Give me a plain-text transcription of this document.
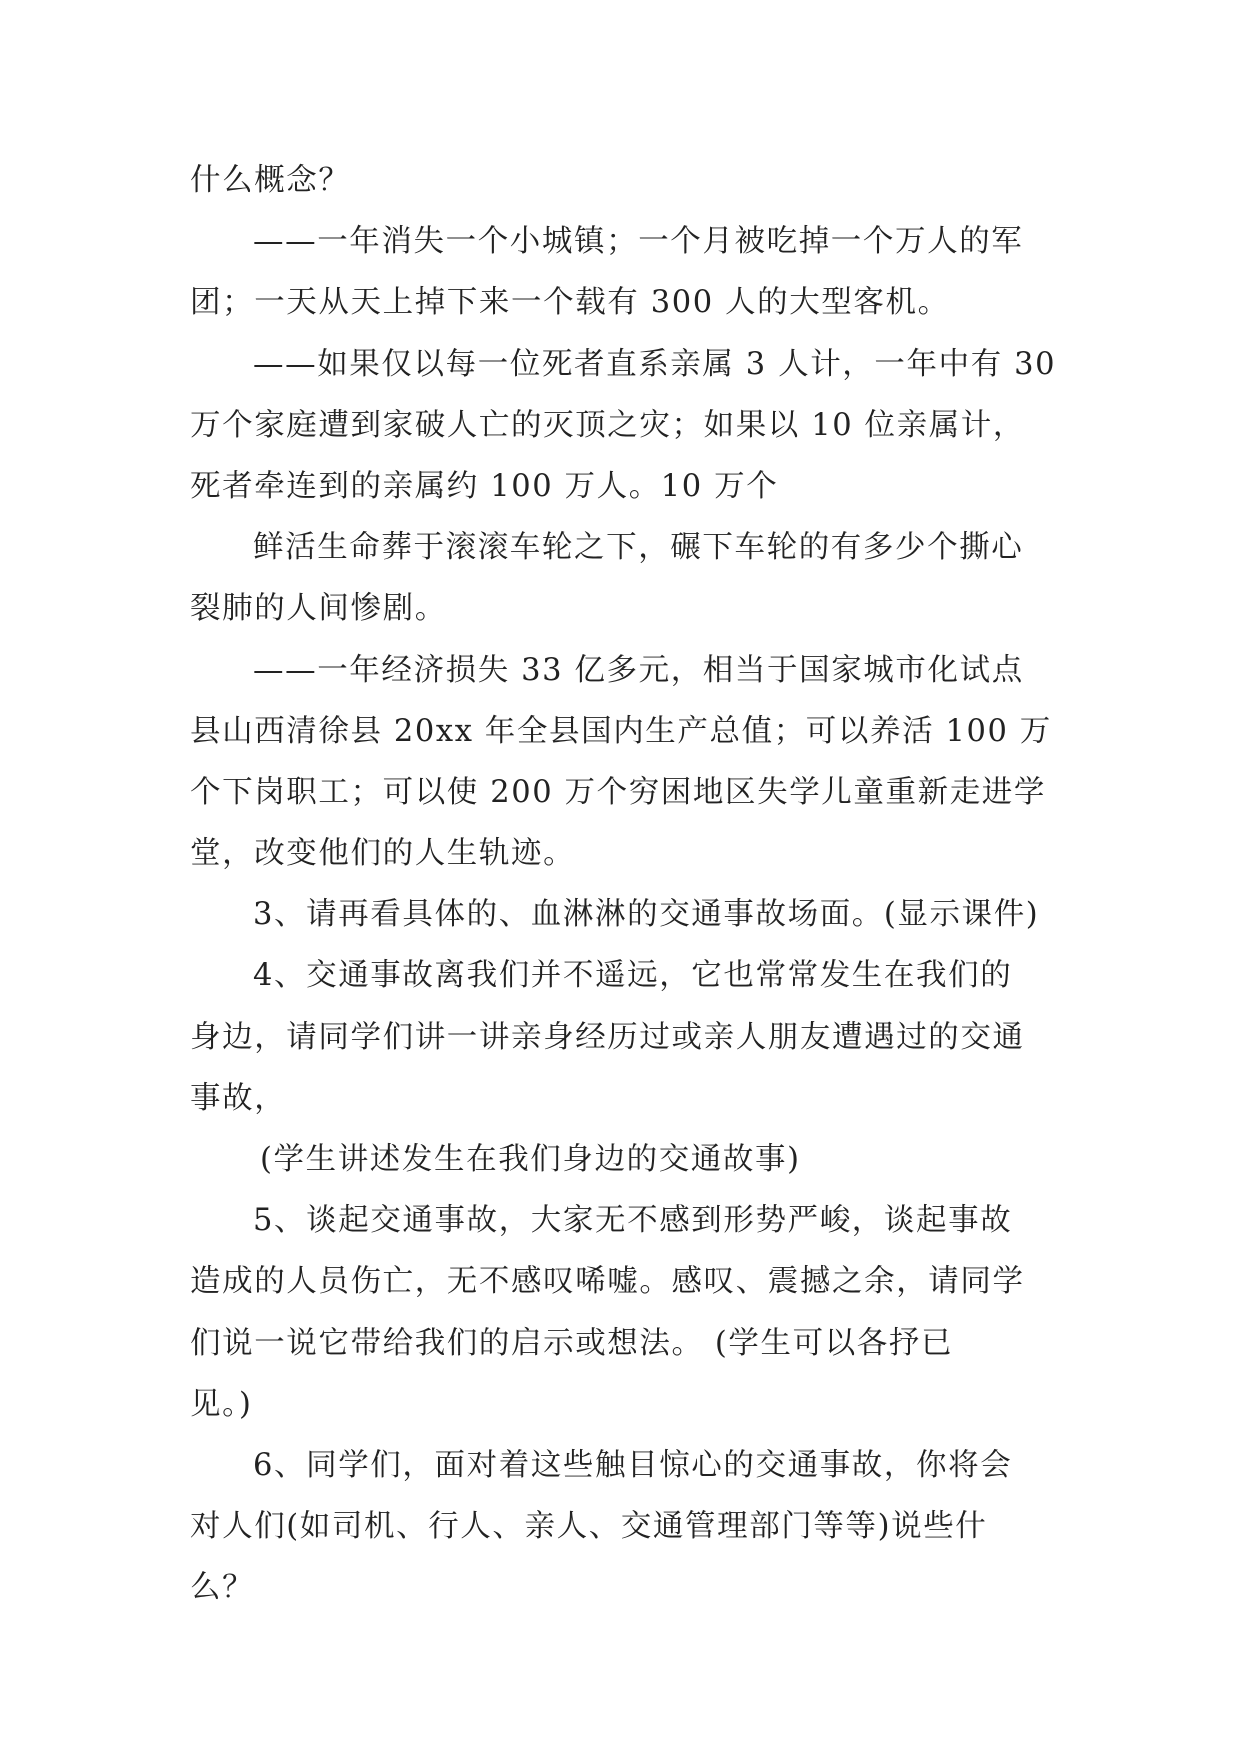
什么概念？
——一年消失一个小城镇；一个月被吃掉一个万人的军
团；一天从天上掉下来一个载有 300 人的大型客机。
——如果仅以每一位死者直系亲属 3 人计，一年中有 30
万个家庭遭到家破人亡的灭顶之灾；如果以 10 位亲属计，
死者牵连到的亲属约 100 万人。10 万个
鲜活生命葬于滚滚车轮之下，碾下车轮的有多少个撕心
裂肺的人间惨剧。
——一年经济损失 33 亿多元，相当于国家城市化试点
县山西清徐县 20xx 年全县国内生产总值；可以养活 100 万
个下岗职工；可以使 200 万个穷困地区失学儿童重新走进学
堂，改变他们的人生轨迹。
3、请再看具体的、血淋淋的交通事故场面。(显示课件)
4、交通事故离我们并不遥远，它也常常发生在我们的
身边，请同学们讲一讲亲身经历过或亲人朋友遭遇过的交通
事故，
(学生讲述发生在我们身边的交通故事)
5、谈起交通事故，大家无不感到形势严峻，谈起事故
造成的人员伤亡，无不感叹唏嘘。感叹、震撼之余，请同学
们说一说它带给我们的启示或想法。 (学生可以各抒已
见。)
6、同学们，面对着这些触目惊心的交通事故，你将会
对人们(如司机、行人、亲人、交通管理部门等等)说些什
么？
